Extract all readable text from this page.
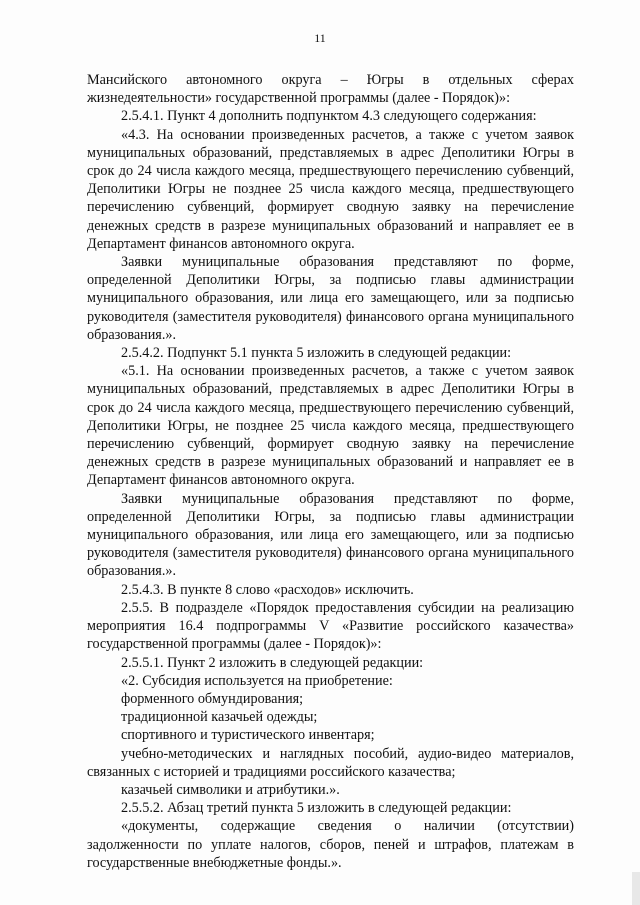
11

Мансийского автономного округа – Югры в отдельных сферах жизнедеятельности» государственной программы (далее - Порядок)»:

2.5.4.1. Пункт 4 дополнить подпунктом 4.3 следующего содержания:

«4.3. На основании произведенных расчетов, а также с учетом заявок муниципальных образований, представляемых в адрес Деполитики Югры в срок до 24 числа каждого месяца, предшествующего перечислению субвенций, Деполитики Югры не позднее 25 числа каждого месяца, предшествующего перечислению субвенций, формирует сводную заявку на перечисление денежных средств в разрезе муниципальных образований и направляет ее в Департамент финансов автономного округа.

Заявки муниципальные образования представляют по форме, определенной Деполитики Югры, за подписью главы администрации муниципального образования, или лица его замещающего, или за подписью руководителя (заместителя руководителя) финансового органа муниципального образования.».

2.5.4.2. Подпункт 5.1 пункта 5 изложить в следующей редакции:

«5.1. На основании произведенных расчетов, а также с учетом заявок муниципальных образований, представляемых в адрес Деполитики Югры в срок до 24 числа каждого месяца, предшествующего перечислению субвенций, Деполитики Югры, не позднее 25 числа каждого месяца, предшествующего перечислению субвенций, формирует сводную заявку на перечисление денежных средств в разрезе муниципальных образований и направляет ее в Департамент финансов автономного округа.

Заявки муниципальные образования представляют по форме, определенной Деполитики Югры, за подписью главы администрации муниципального образования, или лица его замещающего, или за подписью руководителя (заместителя руководителя) финансового органа муниципального образования.».

2.5.4.3. В пункте 8 слово «расходов» исключить.

2.5.5. В подразделе «Порядок предоставления субсидии на реализацию мероприятия 16.4 подпрограммы V «Развитие российского казачества» государственной программы (далее - Порядок)»:

2.5.5.1. Пункт 2 изложить в следующей редакции:

«2. Субсидия используется на приобретение:

форменного обмундирования;

традиционной казачьей одежды;

спортивного и туристического инвентаря;

учебно-методических и наглядных пособий, аудио-видео материалов, связанных с историей и традициями российского казачества;

казачьей символики и атрибутики.».

2.5.5.2. Абзац третий пункта 5 изложить в следующей редакции:

«документы, содержащие сведения о наличии (отсутствии) задолженности по уплате налогов, сборов, пеней и штрафов, платежам в государственные внебюджетные фонды.».
